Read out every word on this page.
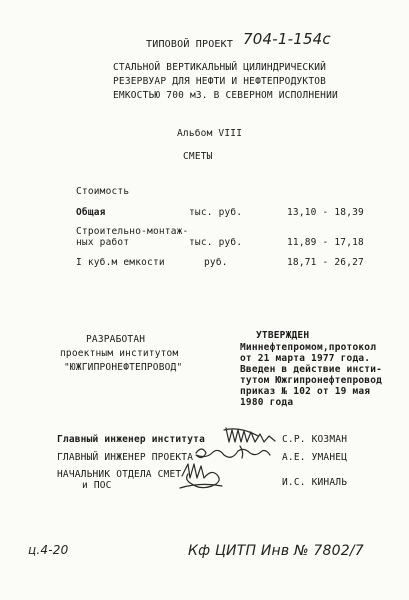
ТИПОВОЙ ПРОЕКТ 704-1-154с
СТАЛЬНОЙ ВЕРТИКАЛЬНЫЙ ЦИЛИНДРИЧЕСКИЙ
РЕЗЕРВУАР ДЛЯ НЕФТИ И НЕФТЕПРОДУКТОВ
ЕМКОСТЬЮ 700 м3. В СЕВЕРНОМ ИСПОЛНЕНИИ
Альбом VIII
СМЕТЫ
Стоимость
Общая	тыс. руб.	13,10 - 18,39
Строительно-монтаж-
ных работ	тыс. руб.	11,89 - 17,18
I куб.м емкости	руб.	18,71 - 26,27
РАЗРАБОТАН
проектным институтом
"ЮЖГИПРОНЕФТЕПРОВОД"
УТВЕРЖДЕН
Миннефтепромом,протокол
от 21 марта 1977 года.
Введен в действие инсти-
тутом Южгипронефтепровод
приказ № 102 от 19 мая
1980 года
Главный инженер института	С.Р. КОЗМАН
ГЛАВНЫЙ ИНЖЕНЕР ПРОЕКТА	А.Е. УМАНЕЦ
НАЧАЛЬНИК ОТДЕЛА СМЕТ
и ПОС	И.С. КИНАЛЬ
ц.4-20	Кф ЦИТП Инв № 7802/7
